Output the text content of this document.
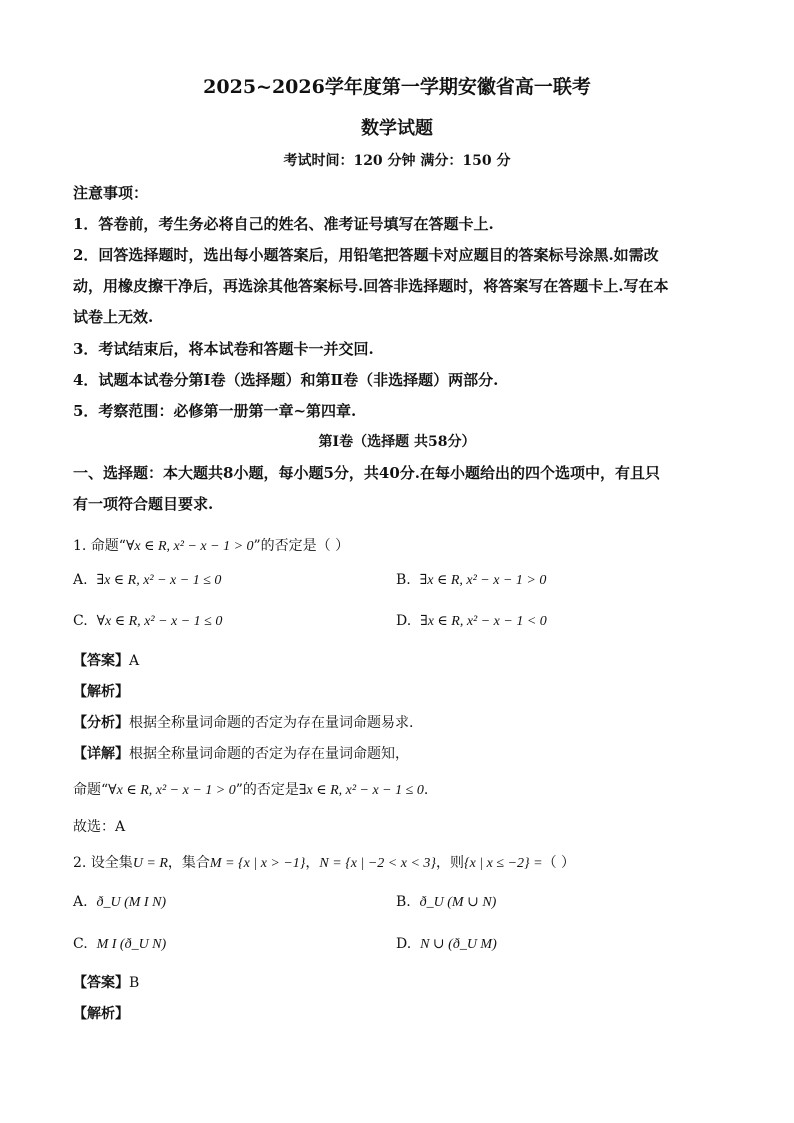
2025~2026学年度第一学期安徽省高一联考
数学试题
考试时间：120 分钟 满分：150 分
注意事项：
1．答卷前，考生务必将自己的姓名、准考证号填写在答题卡上.
2．回答选择题时，选出每小题答案后，用铅笔把答题卡对应题目的答案标号涂黑.如需改
动，用橡皮擦干净后，再选涂其他答案标号.回答非选择题时，将答案写在答题卡上.写在本
试卷上无效.
3．考试结束后，将本试卷和答题卡一并交回.
4．试题本试卷分第Ⅰ卷（选择题）和第Ⅱ卷（非选择题）两部分.
5．考察范围：必修第一册第一章~第四章.
第Ⅰ卷（选择题 共58分）
一、选择题：本大题共8小题，每小题5分，共40分.在每小题给出的四个选项中，有且只
有一项符合题目要求.
1. 命题“∀x ∈ R, x² − x − 1 > 0”的否定是（ ）
A. ∃x ∈ R, x² − x − 1 ≤ 0	B. ∃x ∈ R, x² − x − 1 > 0
C. ∀x ∈ R, x² − x − 1 ≤ 0	D. ∃x ∈ R, x² − x − 1 < 0
【答案】A
【解析】
【分析】根据全称量词命题的否定为存在量词命题易求.
【详解】根据全称量词命题的否定为存在量词命题知，
命题“∀x ∈ R, x² − x − 1 > 0”的否定是∃x ∈ R, x² − x − 1 ≤ 0.
故选：A
2. 设全集U = R，集合M = {x | x > −1}，N = {x | −2 < x < 3}，则{x | x ≤ −2} =（ ）
A. ð_U (M I N)	B. ð_U (M ∪ N)
C. M I (ð_U N)	D. N ∪ (ð_U M)
【答案】B
【解析】
